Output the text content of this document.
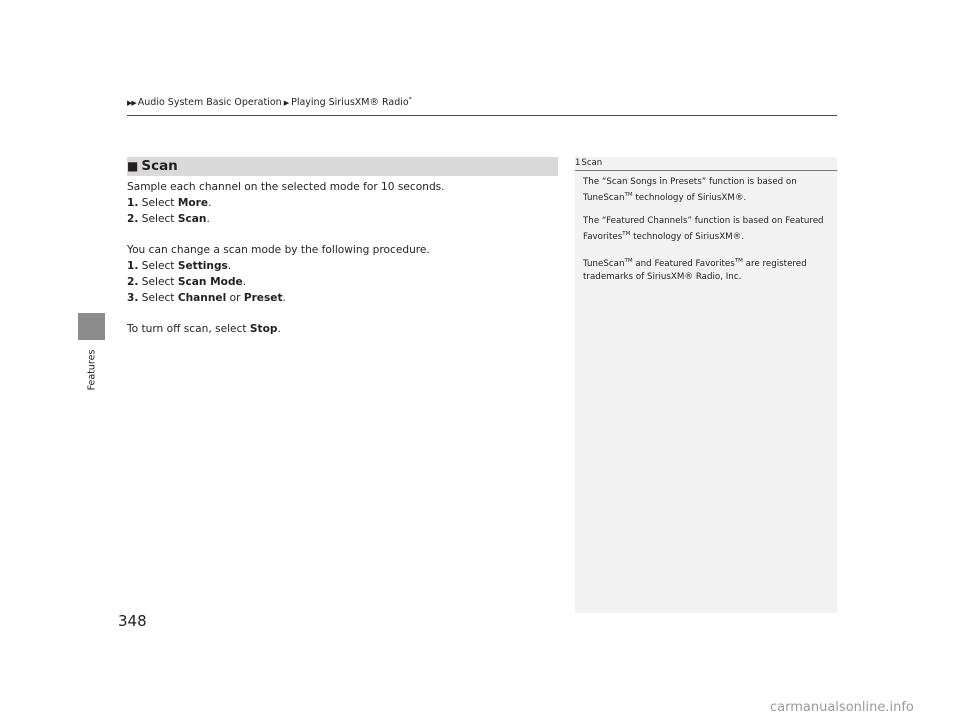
Features
348
▶▶ Audio System Basic Operation ▶ Playing SiriusXM® Radio*
■ Scan

Sample each channel on the selected mode for 10 seconds.

1. Select More.

2. Select Scan.

You can change a scan mode by the following procedure.

1. Select Settings.

2. Select Scan Mode.

3. Select Channel or Preset.

To turn off scan, select Stop.

1Scan

The “Scan Songs in Presets” function is based on TuneScan™ technology of SiriusXM®.

The “Featured Channels” function is based on Featured Favorites™ technology of SiriusXM®.

TuneScan™ and Featured Favorites™ are registered trademarks of SiriusXM® Radio, Inc.

carmanualsonline.info
